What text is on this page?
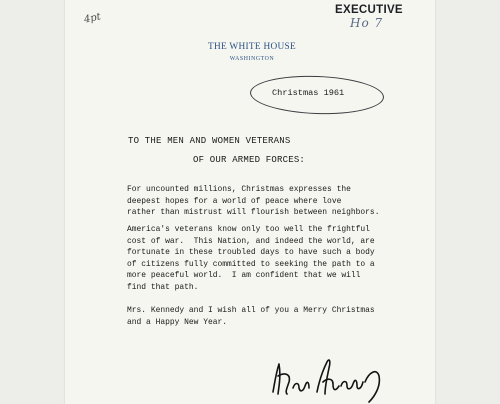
4pt
EXECUTIVE
Ho 7
THE WHITE HOUSE
WASHINGTON
Christmas 1961
TO THE MEN AND WOMEN VETERANS
OF OUR ARMED FORCES:
For uncounted millions, Christmas expresses the
deepest hopes for a world of peace where love
rather than mistrust will flourish between neighbors.
America's veterans know only too well the frightful
cost of war.  This Nation, and indeed the world, are
fortunate in these troubled days to have such a body
of citizens fully committed to seeking the path to a
more peaceful world.  I am confident that we will
find that path.
Mrs. Kennedy and I wish all of you a Merry Christmas
and a Happy New Year.
